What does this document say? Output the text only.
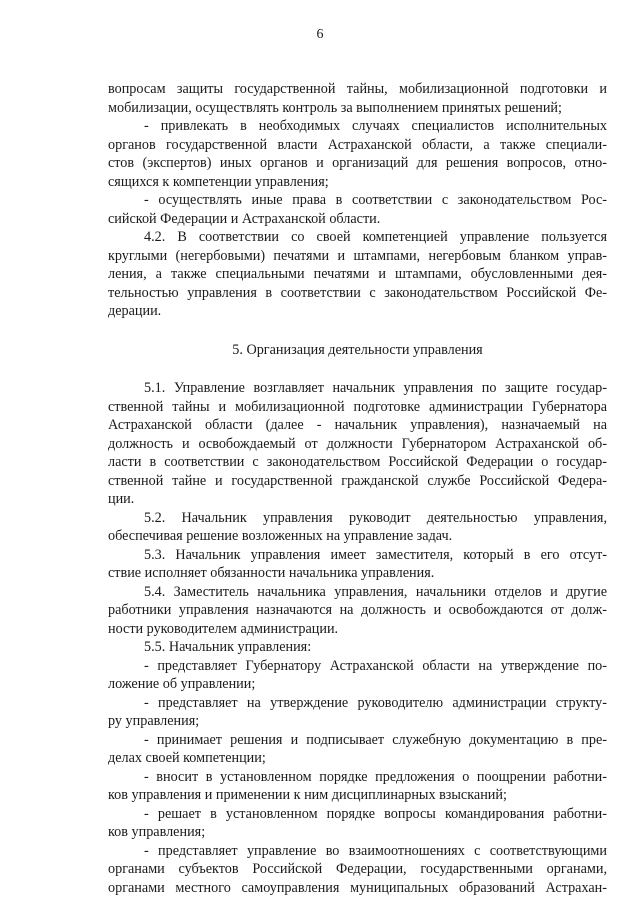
6
вопросам защиты государственной тайны, мобилизационной подготовки и
мобилизации, осуществлять контроль за выполнением принятых решений;
- привлекать в необходимых случаях специалистов исполнительных
органов государственной власти Астраханской области, а также специали-
стов (экспертов) иных органов и организаций для решения вопросов, отно-
сящихся к компетенции управления;
- осуществлять иные права в соответствии с законодательством Рос-
сийской Федерации и Астраханской области.
4.2. В соответствии со своей компетенцией управление пользуется
круглыми (негербовыми) печатями и штампами, негербовым бланком управ-
ления, а также специальными печатями и штампами, обусловленными дея-
тельностью управления в соответствии с законодательством Российской Фе-
дерации.
5. Организация деятельности управления
5.1. Управление возглавляет начальник управления по защите государ-
ственной тайны и мобилизационной подготовке администрации Губернатора
Астраханской области (далее - начальник управления), назначаемый на
должность и освобождаемый от должности Губернатором Астраханской об-
ласти в соответствии с законодательством Российской Федерации о государ-
ственной тайне и государственной гражданской службе Российской Федера-
ции.
5.2. Начальник управления руководит деятельностью управления,
обеспечивая решение возложенных на управление задач.
5.3. Начальник управления имеет заместителя, который в его отсут-
ствие исполняет обязанности начальника управления.
5.4. Заместитель начальника управления, начальники отделов и другие
работники управления назначаются на должность и освобождаются от долж-
ности руководителем администрации.
5.5. Начальник управления:
- представляет Губернатору Астраханской области на утверждение по-
ложение об управлении;
- представляет на утверждение руководителю администрации структу-
ру управления;
- принимает решения и подписывает служебную документацию в пре-
делах своей компетенции;
- вносит в установленном порядке предложения о поощрении работни-
ков управления и применении к ним дисциплинарных взысканий;
- решает в установленном порядке вопросы командирования работни-
ков управления;
- представляет управление во взаимоотношениях с соответствующими
органами субъектов Российской Федерации, государственными органами,
органами местного самоуправления муниципальных образований Астрахан-
